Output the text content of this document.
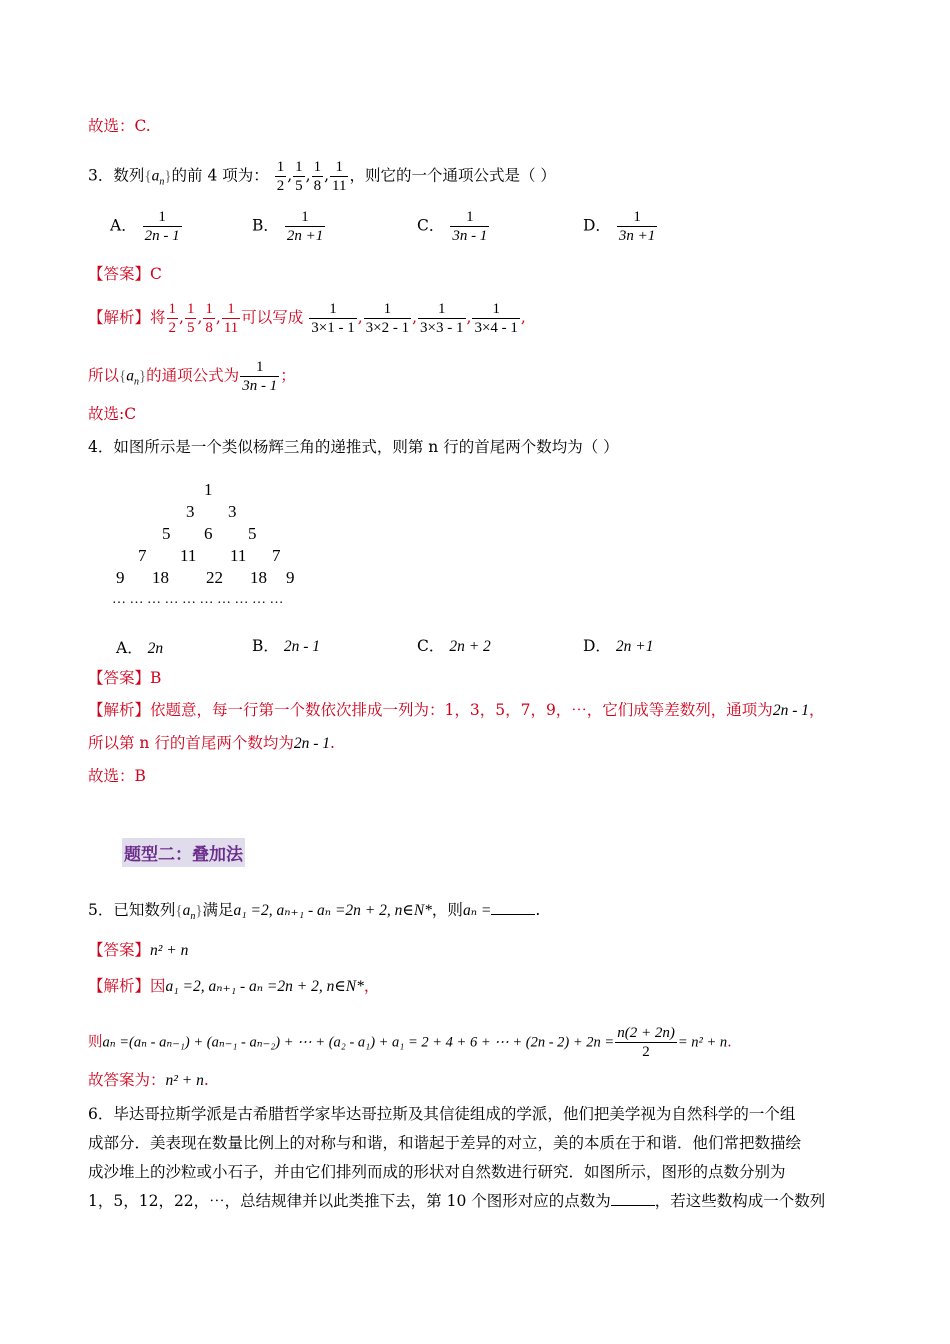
故选：C.
3．数列$\{a_n\}$的前 4 项为： $\frac{1}{2}$ , $\frac{1}{5}$ , $\frac{1}{8}$ , $\frac{1}{11}$ ，则它的一个通项公式是（ ）
A． $\frac{1}{2n - 1}$	B． $\frac{1}{2n +1}$	C． $\frac{1}{3n - 1}$	D． $\frac{1}{3n +1}$
【答案】C
【解析】将 $\frac{1}{2}$ , $\frac{1}{5}$ , $\frac{1}{8}$ , $\frac{1}{11}$ 可以写成 $\frac{1}{3\times 1 - 1}$ , $\frac{1}{3\times 2 - 1}$ , $\frac{1}{3\times 3 - 1}$ , $\frac{1}{3\times 4 - 1}$ ,
所以$\{a_n\}$的通项公式为 $\frac{1}{3n - 1}$ ；
故选:C
4．如图所示是一个类似杨辉三角的递推式，则第 n 行的首尾两个数均为（ ）
1
3 3
5 6 5
7 11 11 7
9 18 22 18 9
… … … … … … … … … …
A． 2n	B． 2n - 1	C． 2n + 2	D． 2n +1
【答案】B
【解析】依题意，每一行第一个数依次排成一列为：1，3，5，7，9，⋯，它们成等差数列，通项为2n - 1，
所以第 n 行的首尾两个数均为2n - 1.
故选：B
题型二：叠加法
5．已知数列$\{a_n\}$满足a₁ =2, aₙ₊₁ - aₙ =2n + 2, n∈N*，则aₙ =	.
【答案】n² + n
【解析】因a₁ =2, aₙ₊₁ - aₙ =2n + 2, n∈N*，
则aₙ =(aₙ - aₙ₋₁) + (aₙ₋₁ - aₙ₋₂) + ⋯ + (a₂ - a₁) + a₁ = 2 + 4 + 6 + ⋯ + $(2n - 2) + 2n = \frac{n(2 + 2n)}{2} = n^2 + n$.
故答案为：n² + n.
6．毕达哥拉斯学派是古希腊哲学家毕达哥拉斯及其信徒组成的学派，他们把美学视为自然科学的一个组
成部分．美表现在数量比例上的对称与和谐，和谐起于差异的对立，美的本质在于和谐．他们常把数描绘
成沙堆上的沙粒或小石子，并由它们排列而成的形状对自然数进行研究．如图所示，图形的点数分别为
1，5，12，22，⋯，总结规律并以此类推下去，第 10 个图形对应的点数为	，若这些数构成一个数列
